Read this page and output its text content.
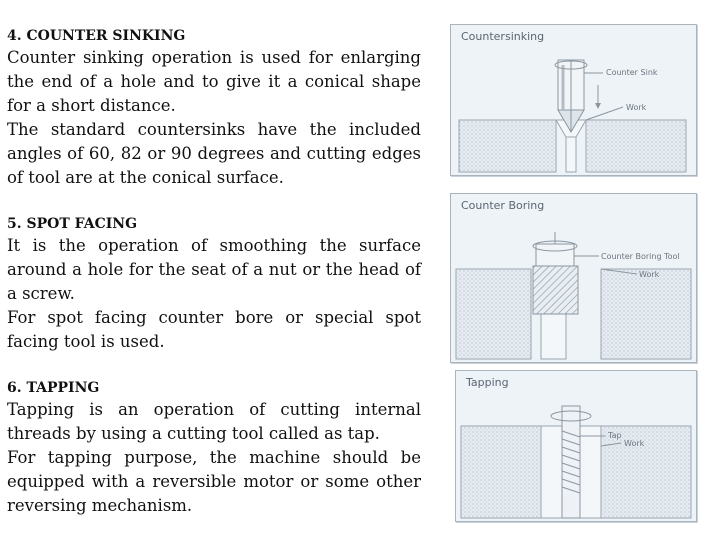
4. COUNTER SINKING

Counter sinking operation is used for enlarging the end of a hole and to give it a conical shape for a short distance.

The standard countersinks have the included angles of 60, 82 or 90 degrees and cutting edges of tool are at the conical surface.

5. SPOT FACING

It is the operation of smoothing the surface around a hole for the seat of a nut or the head of a screw.

For spot facing counter bore or special spot facing tool is used.

6. TAPPING

Tapping is an operation of cutting internal threads by using a cutting tool called as tap.

For tapping purpose, the machine should be equipped with a reversible motor or some other reversing mechanism.

Countersinking
Counter Sink
Work
Counter Boring
Counter Boring Tool
Work
Tapping
Tap
Work
